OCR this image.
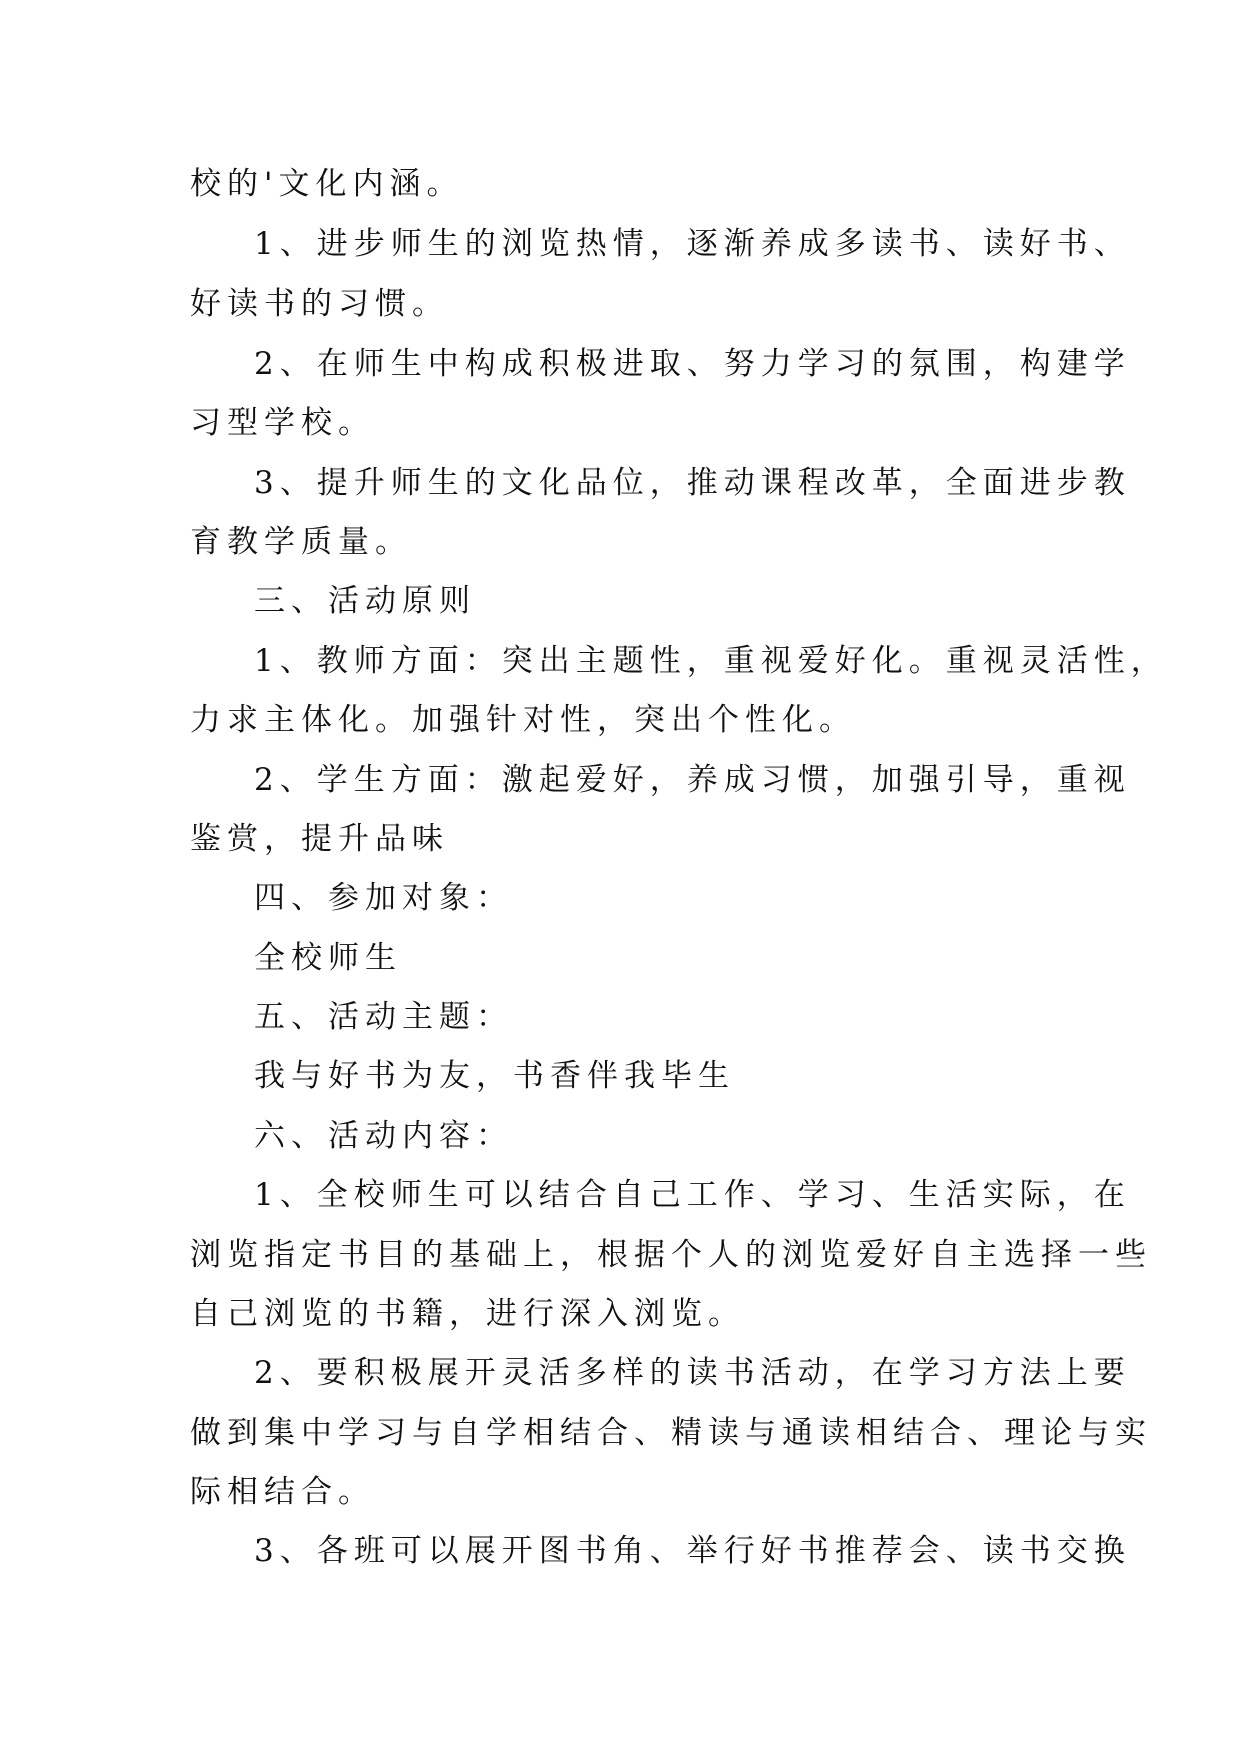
校的'文化内涵。
1、进步师生的浏览热情，逐渐养成多读书、读好书、
好读书的习惯。
2、在师生中构成积极进取、努力学习的氛围，构建学
习型学校。
3、提升师生的文化品位，推动课程改革，全面进步教
育教学质量。
三、活动原则
1、教师方面：突出主题性，重视爱好化。重视灵活性，
力求主体化。加强针对性，突出个性化。
2、学生方面：激起爱好，养成习惯，加强引导，重视
鉴赏，提升品味
四、参加对象：
全校师生
五、活动主题：
我与好书为友，书香伴我毕生
六、活动内容：
1、全校师生可以结合自己工作、学习、生活实际，在
浏览指定书目的基础上，根据个人的浏览爱好自主选择一些
自己浏览的书籍，进行深入浏览。
2、要积极展开灵活多样的读书活动，在学习方法上要
做到集中学习与自学相结合、精读与通读相结合、理论与实
际相结合。
3、各班可以展开图书角、举行好书推荐会、读书交换
